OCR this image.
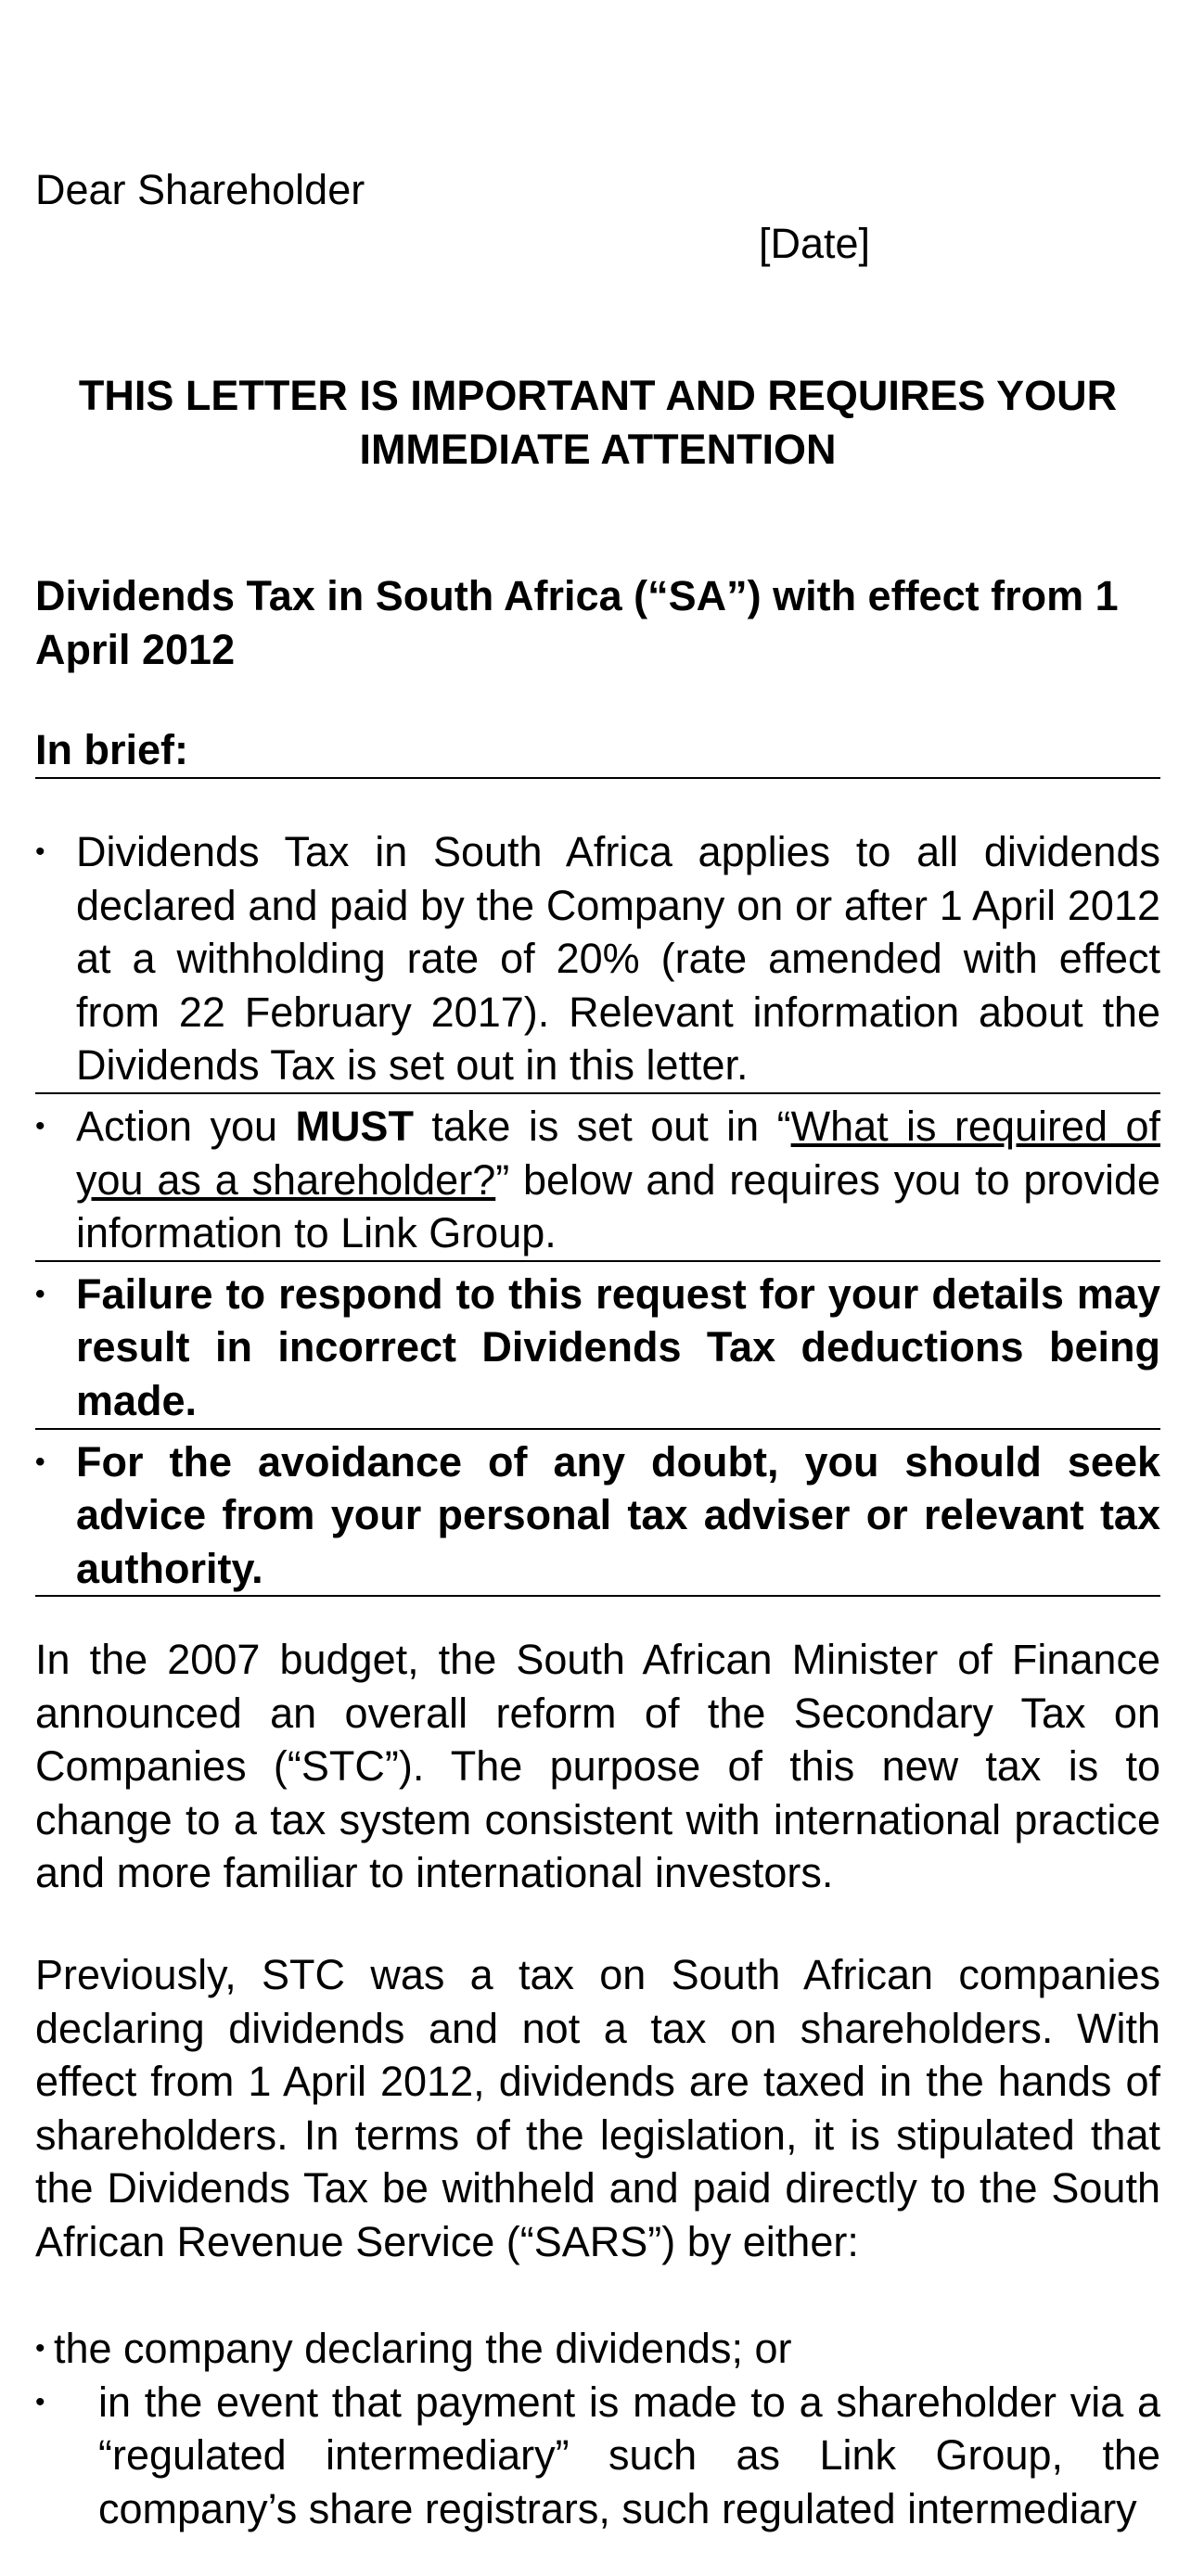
Dear Shareholder
[Date]
THIS LETTER IS IMPORTANT AND REQUIRES YOUR IMMEDIATE ATTENTION
Dividends Tax in South Africa (“SA”) with effect from 1 April 2012
In brief:
• Dividends Tax in South Africa applies to all dividends declared and paid by the Company on or after 1 April 2012 at a withholding rate of 20% (rate amended with effect from 22 February 2017). Relevant information about the Dividends Tax is set out in this letter.
• Action you MUST take is set out in “What is required of you as a shareholder?” below and requires you to provide information to Link Group.
• Failure to respond to this request for your details may result in incorrect Dividends Tax deductions being made.
• For the avoidance of any doubt, you should seek advice from your personal tax adviser or relevant tax authority.

In the 2007 budget, the South African Minister of Finance announced an overall reform of the Secondary Tax on Companies (“STC”). The purpose of this new tax is to change to a tax system consistent with international practice and more familiar to international investors.

Previously, STC was a tax on South African companies declaring dividends and not a tax on shareholders. With effect from 1 April 2012, dividends are taxed in the hands of shareholders. In terms of the legislation, it is stipulated that the Dividends Tax be withheld and paid directly to the South African Revenue Service (“SARS”) by either:

• the company declaring the dividends; or
• in the event that payment is made to a shareholder via a “regulated intermediary” such as Link Group, the company’s share registrars, such regulated intermediary
